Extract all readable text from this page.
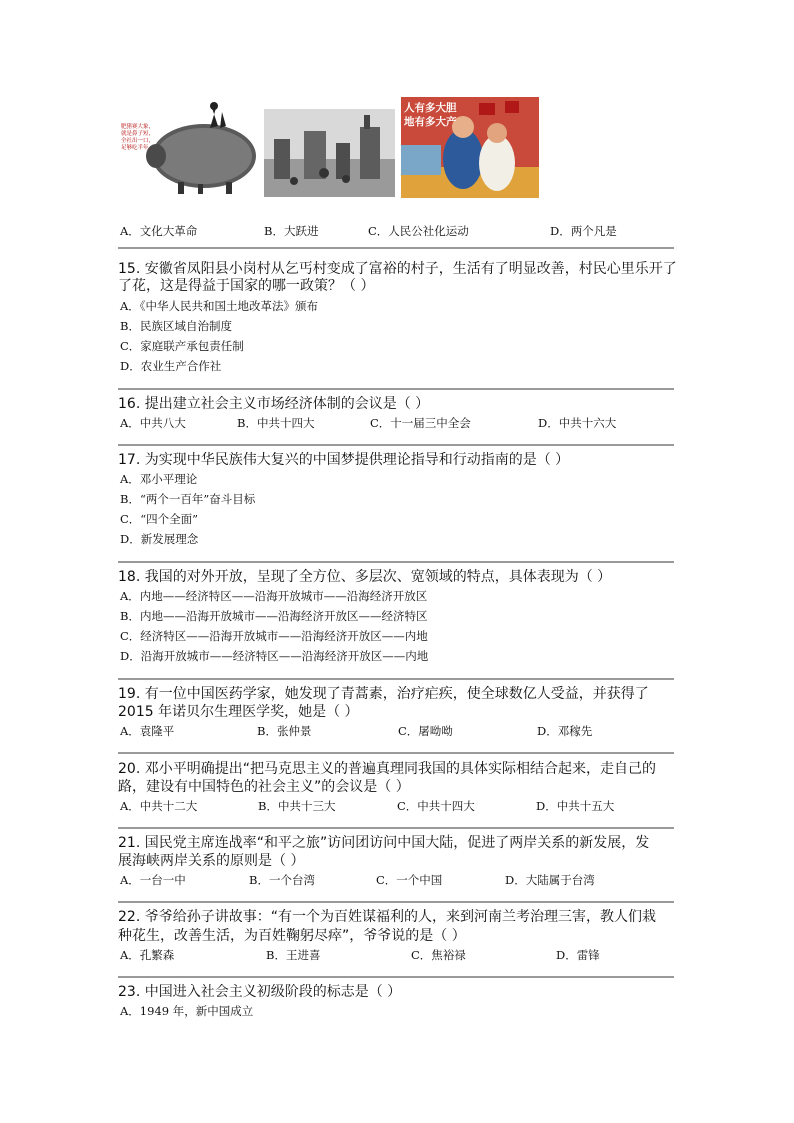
肥猪赛大象，
就是鼻子短，
全社出一口，
足够吃半年。
人有多大胆
地有多大产
A．文化大革命	B．大跃进	C．人民公社化运动	D．两个凡是
15. 安徽省凤阳县小岗村从乞丐村变成了富裕的村子，生活有了明显改善，村民心里乐开了
了花，这是得益于国家的哪一政策？（ ）
A．《中华人民共和国土地改革法》颁布
B．民族区域自治制度
C．家庭联产承包责任制
D．农业生产合作社
16. 提出建立社会主义市场经济体制的会议是（ ）
A．中共八大	B．中共十四大	C．十一届三中全会	D．中共十六大
17. 为实现中华民族伟大复兴的中国梦提供理论指导和行动指南的是（ ）
A．邓小平理论
B．“两个一百年”奋斗目标
C．“四个全面”
D．新发展理念
18. 我国的对外开放，呈现了全方位、多层次、宽领域的特点，具体表现为（ ）
A．内地——经济特区——沿海开放城市——沿海经济开放区
B．内地——沿海开放城市——沿海经济开放区——经济特区
C．经济特区——沿海开放城市——沿海经济开放区——内地
D．沿海开放城市——经济特区——沿海经济开放区——内地
19. 有一位中国医药学家，她发现了青蒿素，治疗疟疾，使全球数亿人受益，并获得了
2015 年诺贝尔生理医学奖，她是（ ）
A．袁隆平	B．张仲景	C．屠呦呦	D．邓稼先
20. 邓小平明确提出“把马克思主义的普遍真理同我国的具体实际相结合起来，走自己的
路，建设有中国特色的社会主义”的会议是（ ）
A．中共十二大	B．中共十三大	C．中共十四大	D．中共十五大
21. 国民党主席连战率“和平之旅”访问团访问中国大陆，促进了两岸关系的新发展，发
展海峡两岸关系的原则是（ ）
A．一台一中	B．一个台湾	C．一个中国	D．大陆属于台湾
22. 爷爷给孙子讲故事：“有一个为百姓谋福利的人，来到河南兰考治理三害，教人们栽
种花生，改善生活，为百姓鞠躬尽瘁”，爷爷说的是（ ）
A．孔繁森	B．王进喜	C．焦裕禄	D．雷锋
23. 中国进入社会主义初级阶段的标志是（ ）
A．1949 年，新中国成立
